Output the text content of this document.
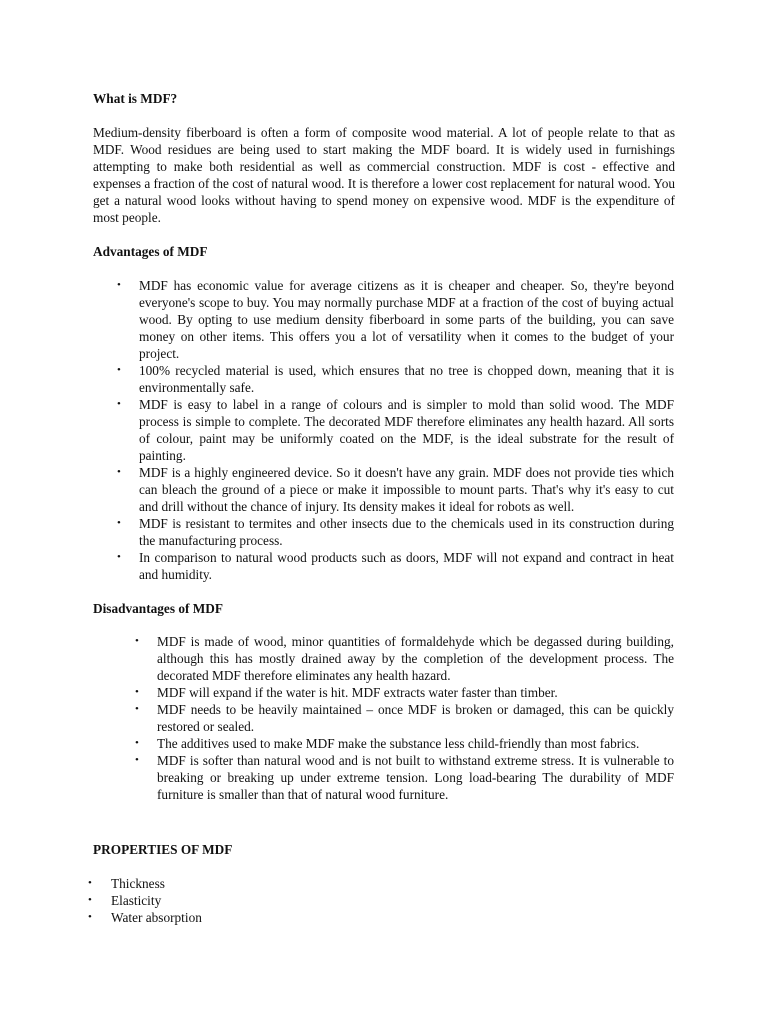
What is MDF?

Medium-density fiberboard is often a form of composite wood material. A lot of people relate to that as MDF. Wood residues are being used to start making the MDF board. It is widely used in furnishings attempting to make both residential as well as commercial construction. MDF is cost - effective and expenses a fraction of the cost of natural wood. It is therefore a lower cost replacement for natural wood. You get a natural wood looks without having to spend money on expensive wood. MDF is the expenditure of most people.

Advantages of MDF
• MDF has economic value for average citizens as it is cheaper and cheaper. So, they're beyond everyone's scope to buy. You may normally purchase MDF at a fraction of the cost of buying actual wood. By opting to use medium density fiberboard in some parts of the building, you can save money on other items. This offers you a lot of versatility when it comes to the budget of your project.
• 100% recycled material is used, which ensures that no tree is chopped down, meaning that it is environmentally safe.
• MDF is easy to label in a range of colours and is simpler to mold than solid wood. The MDF process is simple to complete. The decorated MDF therefore eliminates any health hazard. All sorts of colour, paint may be uniformly coated on the MDF, is the ideal substrate for the result of painting.
• MDF is a highly engineered device. So it doesn't have any grain. MDF does not provide ties which can bleach the ground of a piece or make it impossible to mount parts. That's why it's easy to cut and drill without the chance of injury. Its density makes it ideal for robots as well.
• MDF is resistant to termites and other insects due to the chemicals used in its construction during the manufacturing process.
• In comparison to natural wood products such as doors, MDF will not expand and contract in heat and humidity.
Disadvantages of MDF
• MDF is made of wood, minor quantities of formaldehyde which be degassed during building, although this has mostly drained away by the completion of the development process. The decorated MDF therefore eliminates any health hazard.
• MDF will expand if the water is hit. MDF extracts water faster than timber.
• MDF needs to be heavily maintained – once MDF is broken or damaged, this can be quickly restored or sealed.
• The additives used to make MDF make the substance less child-friendly than most fabrics.
• MDF is softer than natural wood and is not built to withstand extreme stress. It is vulnerable to breaking or breaking up under extreme tension. Long load-bearing The durability of MDF furniture is smaller than that of natural wood furniture.
PROPERTIES OF MDF
• Thickness
• Elasticity
• Water absorption
